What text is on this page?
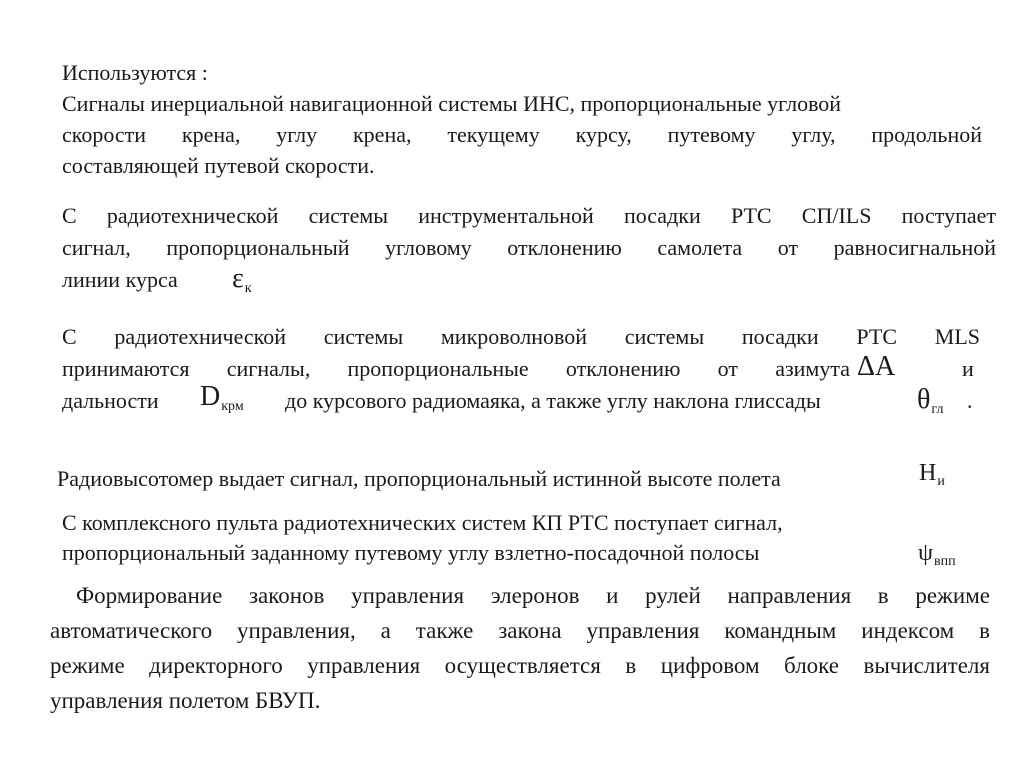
Используются :
Сигналы инерциальной навигационной системы ИНС, пропорциональные угловой
скорости крена, углу крена, текущему курсу, путевому углу, продольной
составляющей путевой скорости.
С радиотехнической системы инструментальной посадки РТС СП/ILS поступает
сигнал, пропорциональный угловому отклонению самолета от равносигнальной
линии курса	$\varepsilon_к$
С радиотехнической системы микроволновой системы посадки РТС MLS
принимаются сигналы, пропорциональные отклонению от азимута ΔA	и
дальности	$D_{крм}$ до курсового радиомаяка, а также углу наклона глиссады	$\theta_{гл}$ .
Радиовысотомер выдает сигнал, пропорциональный истинной высоте полета	$H_и$
С комплексного пульта радиотехнических систем КП РТС поступает сигнал,
пропорциональный заданному путевому углу взлетно-посадочной полосы	$\psi_{впп}$
Формирование законов управления элеронов и рулей направления в режиме
автоматического управления, а также закона управления командным индексом в
режиме директорного управления осуществляется в цифровом блоке вычислителя
управления полетом БВУП.
